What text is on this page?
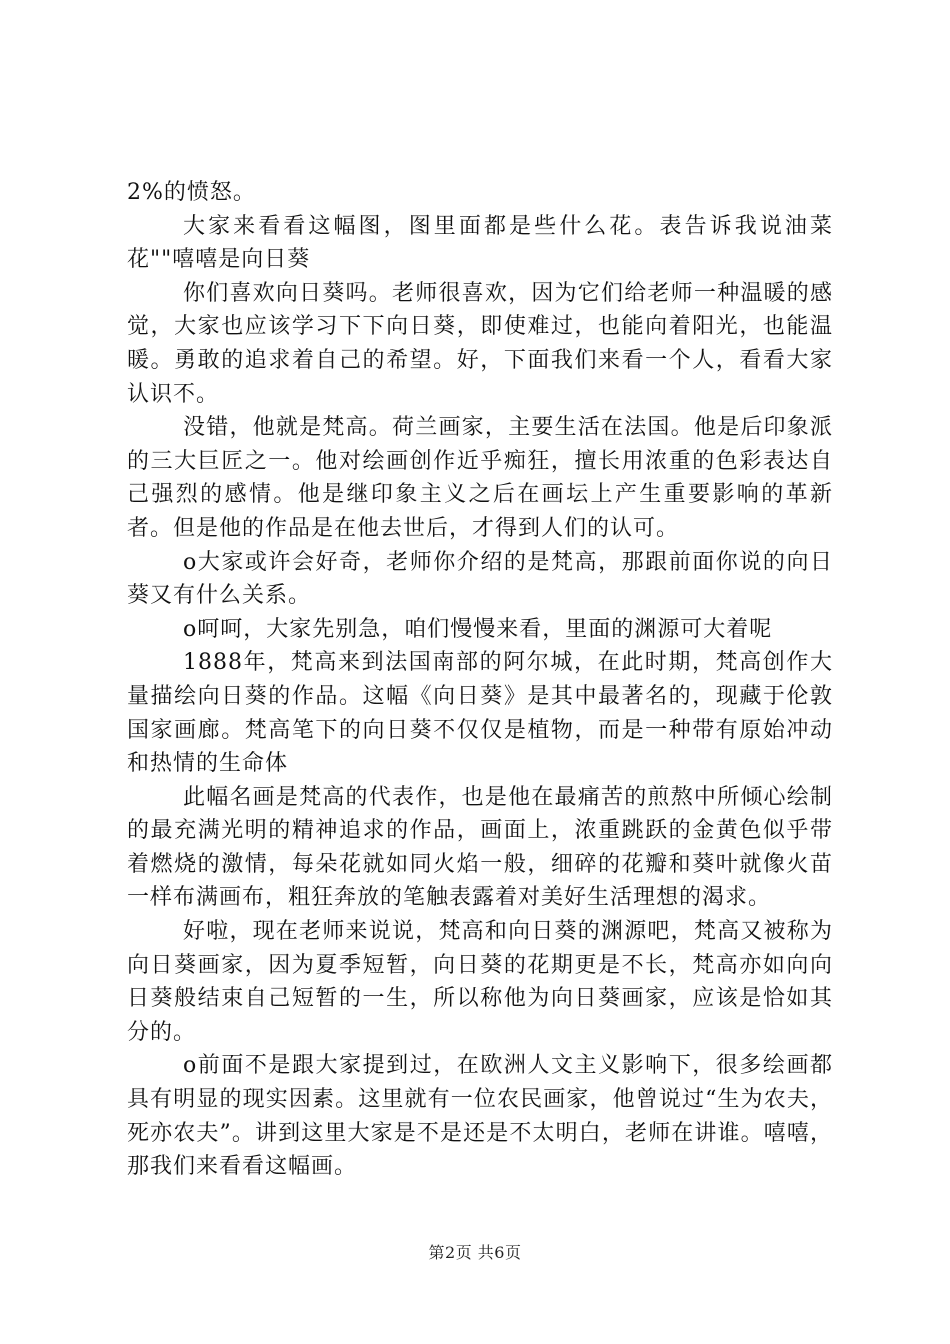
2%的愤怒。

大家来看看这幅图，图里面都是些什么花。表告诉我说油菜花""嘻嘻是向日葵

你们喜欢向日葵吗。老师很喜欢，因为它们给老师一种温暖的感觉，大家也应该学习下下向日葵，即使难过，也能向着阳光，也能温暖。勇敢的追求着自己的希望。好，下面我们来看一个人，看看大家认识不。

没错，他就是梵高。荷兰画家，主要生活在法国。他是后印象派的三大巨匠之一。他对绘画创作近乎痴狂，擅长用浓重的色彩表达自己强烈的感情。他是继印象主义之后在画坛上产生重要影响的革新者。但是他的作品是在他去世后，才得到人们的认可。

o大家或许会好奇，老师你介绍的是梵高，那跟前面你说的向日葵又有什么关系。

o呵呵，大家先别急，咱们慢慢来看，里面的渊源可大着呢

1888年，梵高来到法国南部的阿尔城，在此时期，梵高创作大量描绘向日葵的作品。这幅《向日葵》是其中最著名的，现藏于伦敦国家画廊。梵高笔下的向日葵不仅仅是植物，而是一种带有原始冲动和热情的生命体

此幅名画是梵高的代表作，也是他在最痛苦的煎熬中所倾心绘制的最充满光明的精神追求的作品，画面上，浓重跳跃的金黄色似乎带着燃烧的激情，每朵花就如同火焰一般，细碎的花瓣和葵叶就像火苗一样布满画布，粗狂奔放的笔触表露着对美好生活理想的渴求。

好啦，现在老师来说说，梵高和向日葵的渊源吧，梵高又被称为向日葵画家，因为夏季短暂，向日葵的花期更是不长，梵高亦如向向日葵般结束自己短暂的一生，所以称他为向日葵画家，应该是恰如其分的。

o前面不是跟大家提到过，在欧洲人文主义影响下，很多绘画都具有明显的现实因素。这里就有一位农民画家，他曾说过“生为农夫，死亦农夫”。讲到这里大家是不是还是不太明白，老师在讲谁。嘻嘻，那我们来看看这幅画。

第2页 共6页
